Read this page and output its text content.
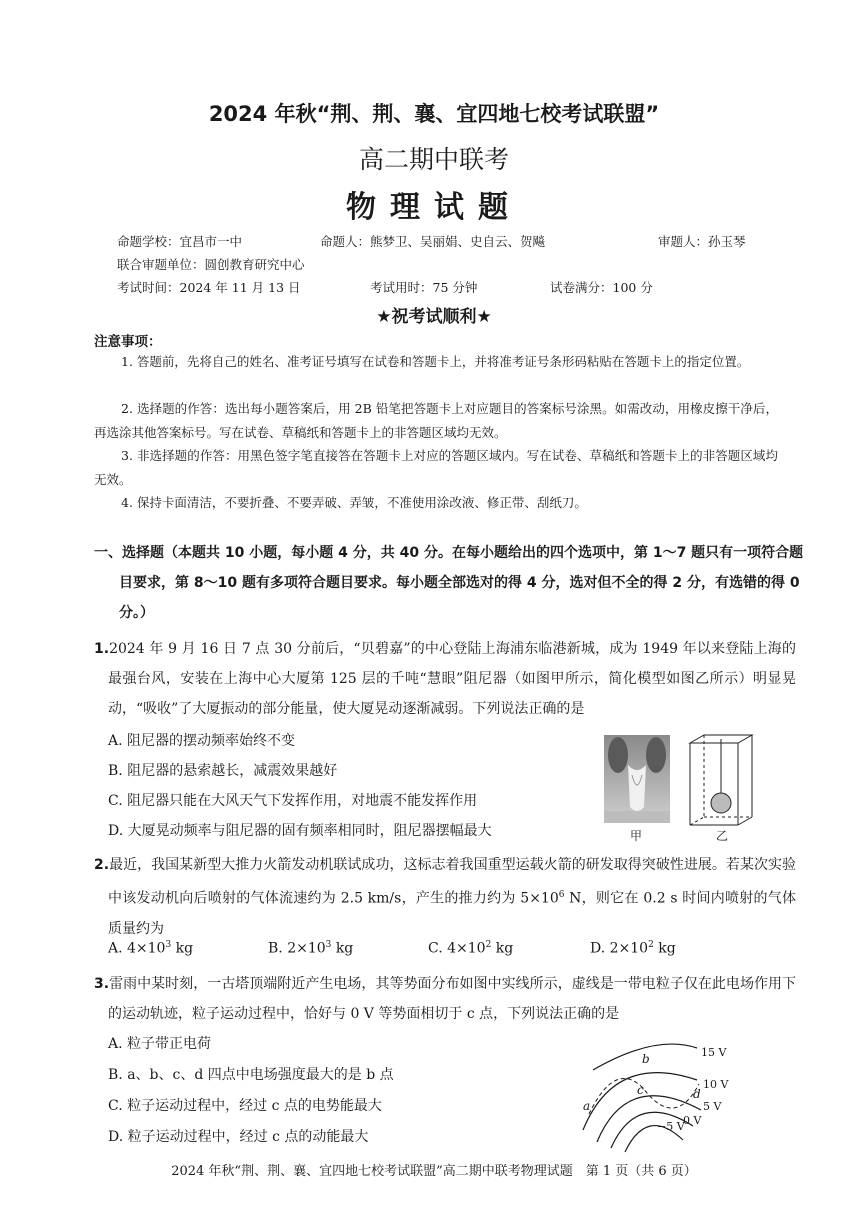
2024 年秋“荆、荆、襄、宜四地七校考试联盟”
高二期中联考
物理试题
命题学校：宜昌市一中	命题人：熊梦卫、吴丽娟、史自云、贺飚	审题人：孙玉琴
联合审题单位：圆创教育研究中心
考试时间：2024 年 11 月 13 日	考试用时：75 分钟	试卷满分：100 分
★祝考试顺利★
注意事项：
1. 答题前，先将自己的姓名、准考证号填写在试卷和答题卡上，并将准考证号条形码粘贴在答题卡上的指定位置。
2. 选择题的作答：选出每小题答案后，用 2B 铅笔把答题卡上对应题目的答案标号涂黑。如需改动，用橡皮擦干净后，再选涂其他答案标号。写在试卷、草稿纸和答题卡上的非答题区域均无效。
3. 非选择题的作答：用黑色签字笔直接答在答题卡上对应的答题区域内。写在试卷、草稿纸和答题卡上的非答题区域均无效。
4. 保持卡面清洁，不要折叠、不要弄破、弄皱，不准使用涂改液、修正带、刮纸刀。
一、选择题（本题共 10 小题，每小题 4 分，共 40 分。在每小题给出的四个选项中，第 1～7 题只有一项符合题目要求，第 8～10 题有多项符合题目要求。每小题全部选对的得 4 分，选对但不全的得 2 分，有选错的得 0 分。）
1.2024 年 9 月 16 日 7 点 30 分前后，“贝碧嘉”的中心登陆上海浦东临港新城，成为 1949 年以来登陆上海的最强台风，安装在上海中心大厦第 125 层的千吨“慧眼”阻尼器（如图甲所示，简化模型如图乙所示）明显晃动，“吸收”了大厦振动的部分能量，使大厦晃动逐渐减弱。下列说法正确的是
A. 阻尼器的摆动频率始终不变
B. 阻尼器的悬索越长，减震效果越好
C. 阻尼器只能在大风天气下发挥作用，对地震不能发挥作用
D. 大厦晃动频率与阻尼器的固有频率相同时，阻尼器摆幅最大	甲	乙
2.最近，我国某新型大推力火箭发动机联试成功，这标志着我国重型运载火箭的研发取得突破性进展。若某次实验中该发动机向后喷射的气体流速约为 2.5 km/s，产生的推力约为 $5\times 10^6$ N，则它在 0.2 s 时间内喷射的气体质量约为
A. $4\times 10^3$ kg	B. $2\times 10^3$ kg	C. $4\times 10^2$ kg	D. $2\times 10^2$ kg
3.雷雨中某时刻，一古塔顶端附近产生电场，其等势面分布如图中实线所示，虚线是一带电粒子仅在此电场作用下的运动轨迹，粒子运动过程中，恰好与 0 V 等势面相切于 c 点，下列说法正确的是
A. 粒子带正电荷
B. a、b、c、d 四点中电场强度最大的是 b 点
C. 粒子运动过程中，经过 c 点的电势能最大
D. 粒子运动过程中，经过 c 点的动能最大
a
b
c	d
15 V
10 V
5 V
0 V
−5 V
2024 年秋“荆、荆、襄、宜四地七校考试联盟”高二期中联考物理试题　第 1 页（共 6 页）
